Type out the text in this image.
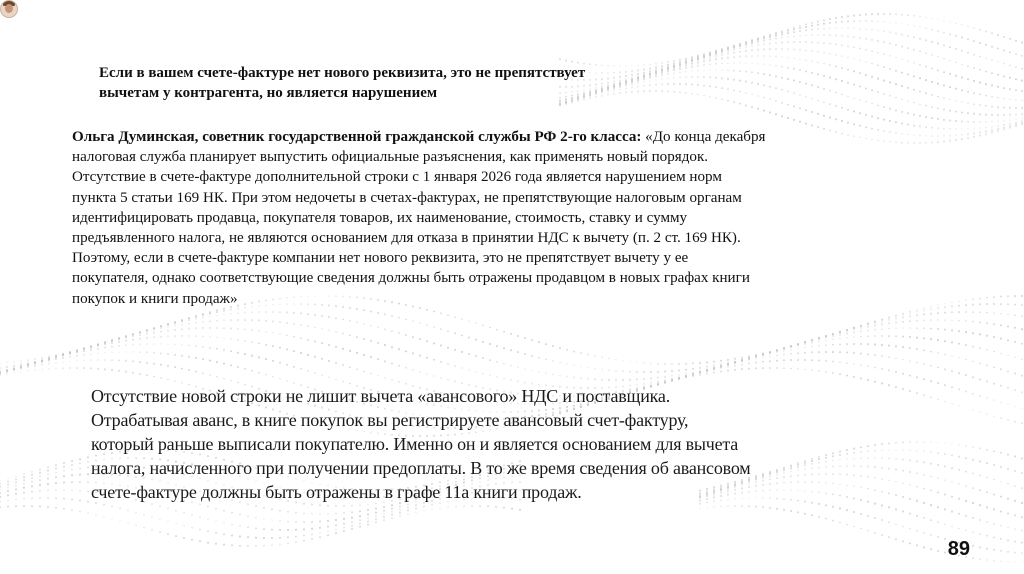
Если в вашем счете-фактуре нет нового реквизита, это не препятствует
вычетам у контрагента, но является нарушением

Ольга Думинская, советник государственной гражданской службы РФ 2-го класса: «До конца декабря
налоговая служба планирует выпустить официальные разъяснения, как применять новый порядок.
Отсутствие в счете-фактуре дополнительной строки с 1 января 2026 года является нарушением норм
пункта 5 статьи 169 НК. При этом недочеты в счетах-фактурах, не препятствующие налоговым органам
идентифицировать продавца, покупателя товаров, их наименование, стоимость, ставку и сумму
предъявленного налога, не являются основанием для отказа в принятии НДС к вычету (п. 2 ст. 169 НК).
Поэтому, если в счете-фактуре компании нет нового реквизита, это не препятствует вычету у ее
покупателя, однако соответствующие сведения должны быть отражены продавцом в новых графах книги
покупок и книги продаж»

Отсутствие новой строки не лишит вычета «авансового» НДС и поставщика.
Отрабатывая аванс, в книге покупок вы регистрируете авансовый счет-фактуру,
который раньше выписали покупателю. Именно он и является основанием для вычета
налога, начисленного при получении предоплаты. В то же время сведения об авансовом
счете-фактуре должны быть отражены в графе 11а книги продаж.

89
